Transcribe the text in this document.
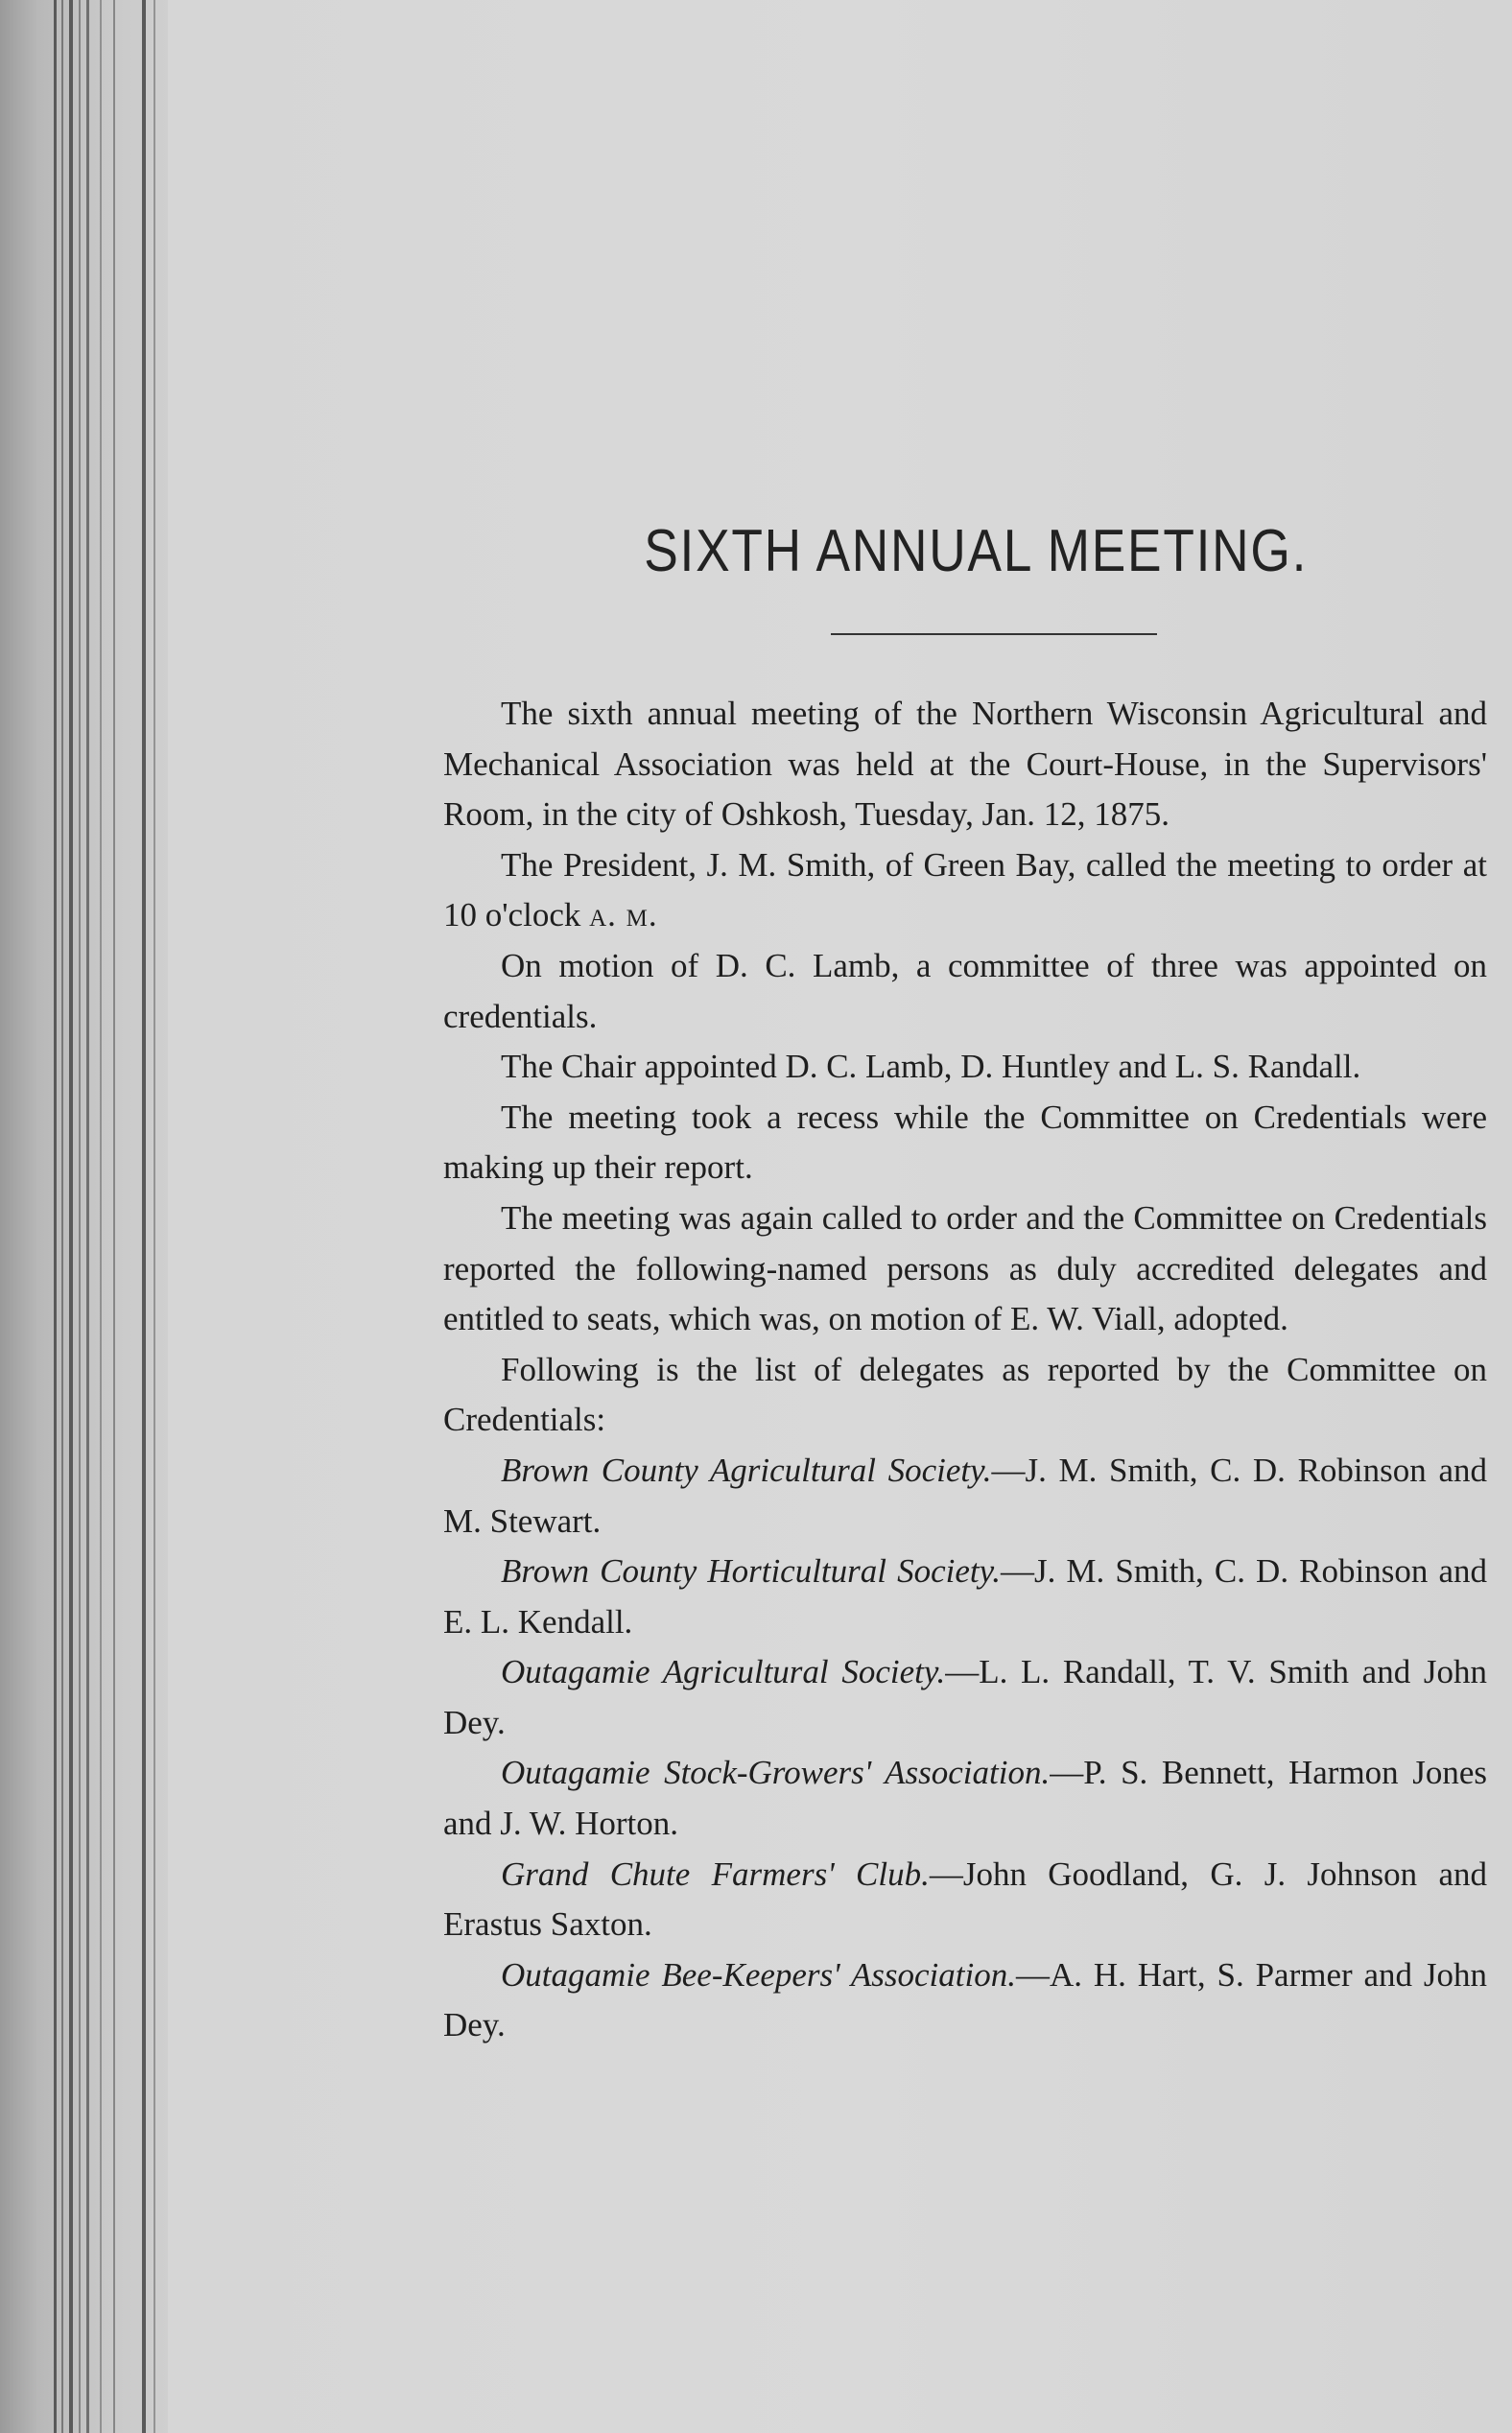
SIXTH ANNUAL MEETING.

The sixth annual meeting of the Northern Wisconsin Agricultural and Mechanical Association was held at the Court-House, in the Supervisors' Room, in the city of Oshkosh, Tuesday, Jan. 12, 1875.

The President, J. M. Smith, of Green Bay, called the meeting to order at 10 o'clock a. m.

On motion of D. C. Lamb, a committee of three was appointed on credentials.

The Chair appointed D. C. Lamb, D. Huntley and L. S. Randall.

The meeting took a recess while the Committee on Credentials were making up their report.

The meeting was again called to order and the Committee on Credentials reported the following-named persons as duly accredited delegates and entitled to seats, which was, on motion of E. W. Viall, adopted.

Following is the list of delegates as reported by the Committee on Credentials:

Brown County Agricultural Society.—J. M. Smith, C. D. Robinson and M. Stewart.

Brown County Horticultural Society.—J. M. Smith, C. D. Robinson and E. L. Kendall.

Outagamie Agricultural Society.—L. L. Randall, T. V. Smith and John Dey.

Outagamie Stock-Growers' Association.—P. S. Bennett, Harmon Jones and J. W. Horton.

Grand Chute Farmers' Club.—John Goodland, G. J. Johnson and Erastus Saxton.

Outagamie Bee-Keepers' Association.—A. H. Hart, S. Parmer and John Dey.
